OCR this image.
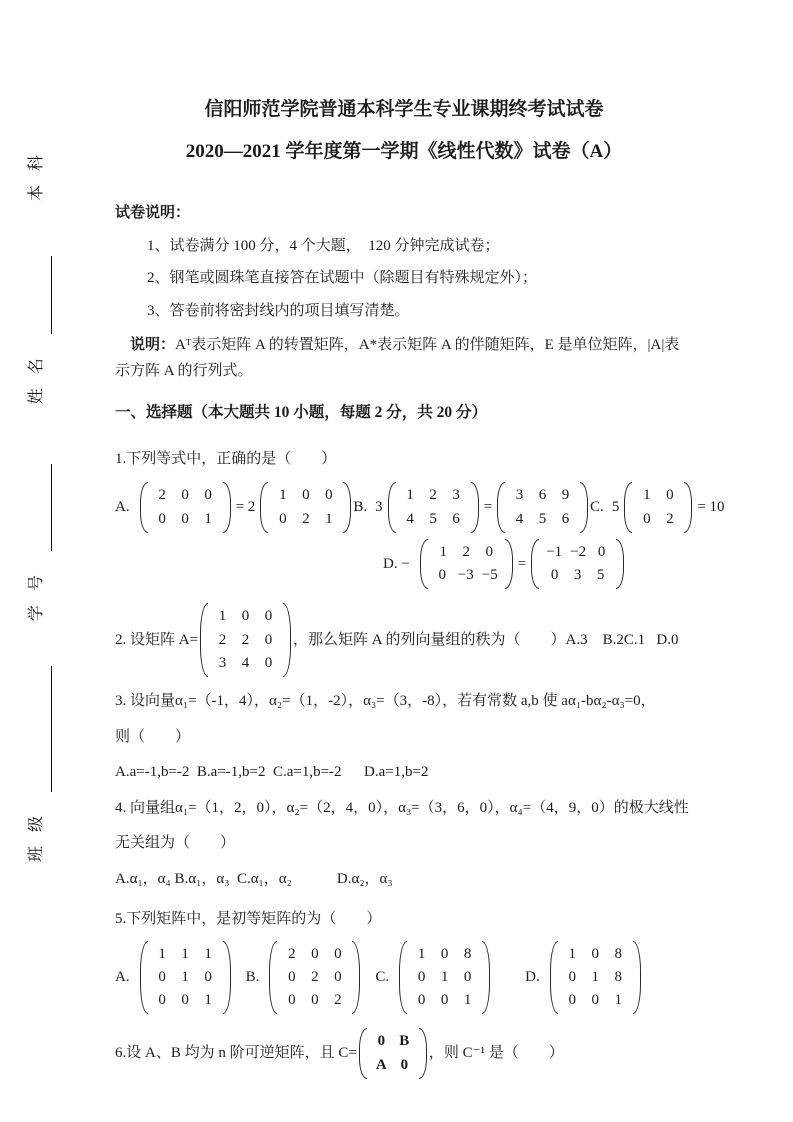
班级
学号
姓名
本科

信阳师范学院普通本科学生专业课期终考试试卷

2020—2021 学年度第一学期《线性代数》试卷（A）

试卷说明：

1、试卷满分 100 分，4 个大题，  120 分钟完成试卷；

2、钢笔或圆珠笔直接答在试题中（除题目有特殊规定外）；

3、答卷前将密封线内的项目填写清楚。

说明：Aᵀ表示矩阵 A 的转置矩阵，A*表示矩阵 A 的伴随矩阵，E 是单位矩阵，|A|表示方阵 A 的行列式。

一、选择题（本大题共 10 小题，每题 2 分，共 20 分）

1.下列等式中，正确的是（        ）

A.
2	0	0
0	0	1
= 2
1	0	0
0	2	1
B. 3
1	2	3
4	5	6
=
3	6	9
4	5	6
C. 5
1	0
0	2
= 10
D. −
1	2	0
0 −3 −5
=
−1 −2 0
0	3	5
2. 设矩阵 A=
1	0	0
2	2	0
3	4	0
，那么矩阵 A 的列向量组的秩为（        ）A.3    B.2C.1   D.0

3. 设向量α₁=（-1，4），α₂=（1，-2），α₃=（3，-8），若有常数 a,b 使 aα₁-bα₂-α₃=0，

则（        ）

A.a=-1,b=-2  B.a=-1,b=2  C.a=1,b=-2      D.a=1,b=2

4. 向量组α₁=（1，2，0），α₂=（2，4，0），α₃=（3，6，0），α₄=（4，9，0）的极大线性

无关组为（        ）

A.α₁，α₄ B.α₁，α₃  C.α₁，α₂            D.α₂，α₃

5.下列矩阵中，是初等矩阵的为（        ）

A.
1	1	1
0	1	0
0	0	1
B.
2	0	0
0	2	0
0	0	2
C.
1	0	8
0	1	0
0	0	1
D.
1	0	8
0	1	8
0	0	1
6.设 A、B 均为 n 阶可逆矩阵，且 C=
0 B
A 0
，则 C⁻¹ 是（        ）
